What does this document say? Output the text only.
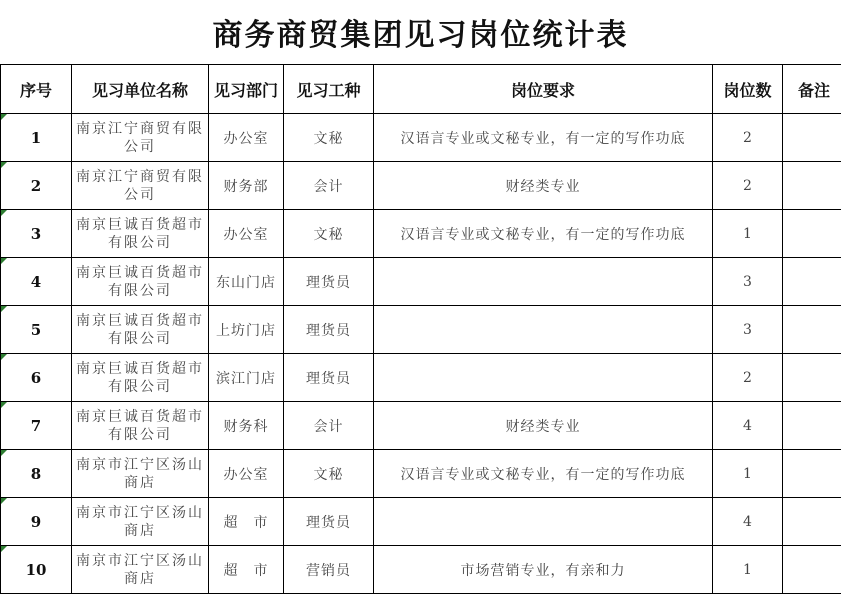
商务商贸集团见习岗位统计表
序号	见习单位名称	见习部门	见习工种	岗位要求	岗位数	备注
1	南京江宁商贸有限公司	办公室	文秘	汉语言专业或文秘专业，有一定的写作功底	2	
2	南京江宁商贸有限公司	财务部	会计	财经类专业	2	
3	南京巨诚百货超市有限公司	办公室	文秘	汉语言专业或文秘专业，有一定的写作功底	1	
4	南京巨诚百货超市有限公司	东山门店	理货员		3	
5	南京巨诚百货超市有限公司	上坊门店	理货员		3	
6	南京巨诚百货超市有限公司	滨江门店	理货员		2	
7	南京巨诚百货超市有限公司	财务科	会计	财经类专业	4	
8	南京市江宁区汤山商店	办公室	文秘	汉语言专业或文秘专业，有一定的写作功底	1	
9	南京市江宁区汤山商店	超　市	理货员		4	
10	南京市江宁区汤山商店	超　市	营销员	市场营销专业，有亲和力	1	
